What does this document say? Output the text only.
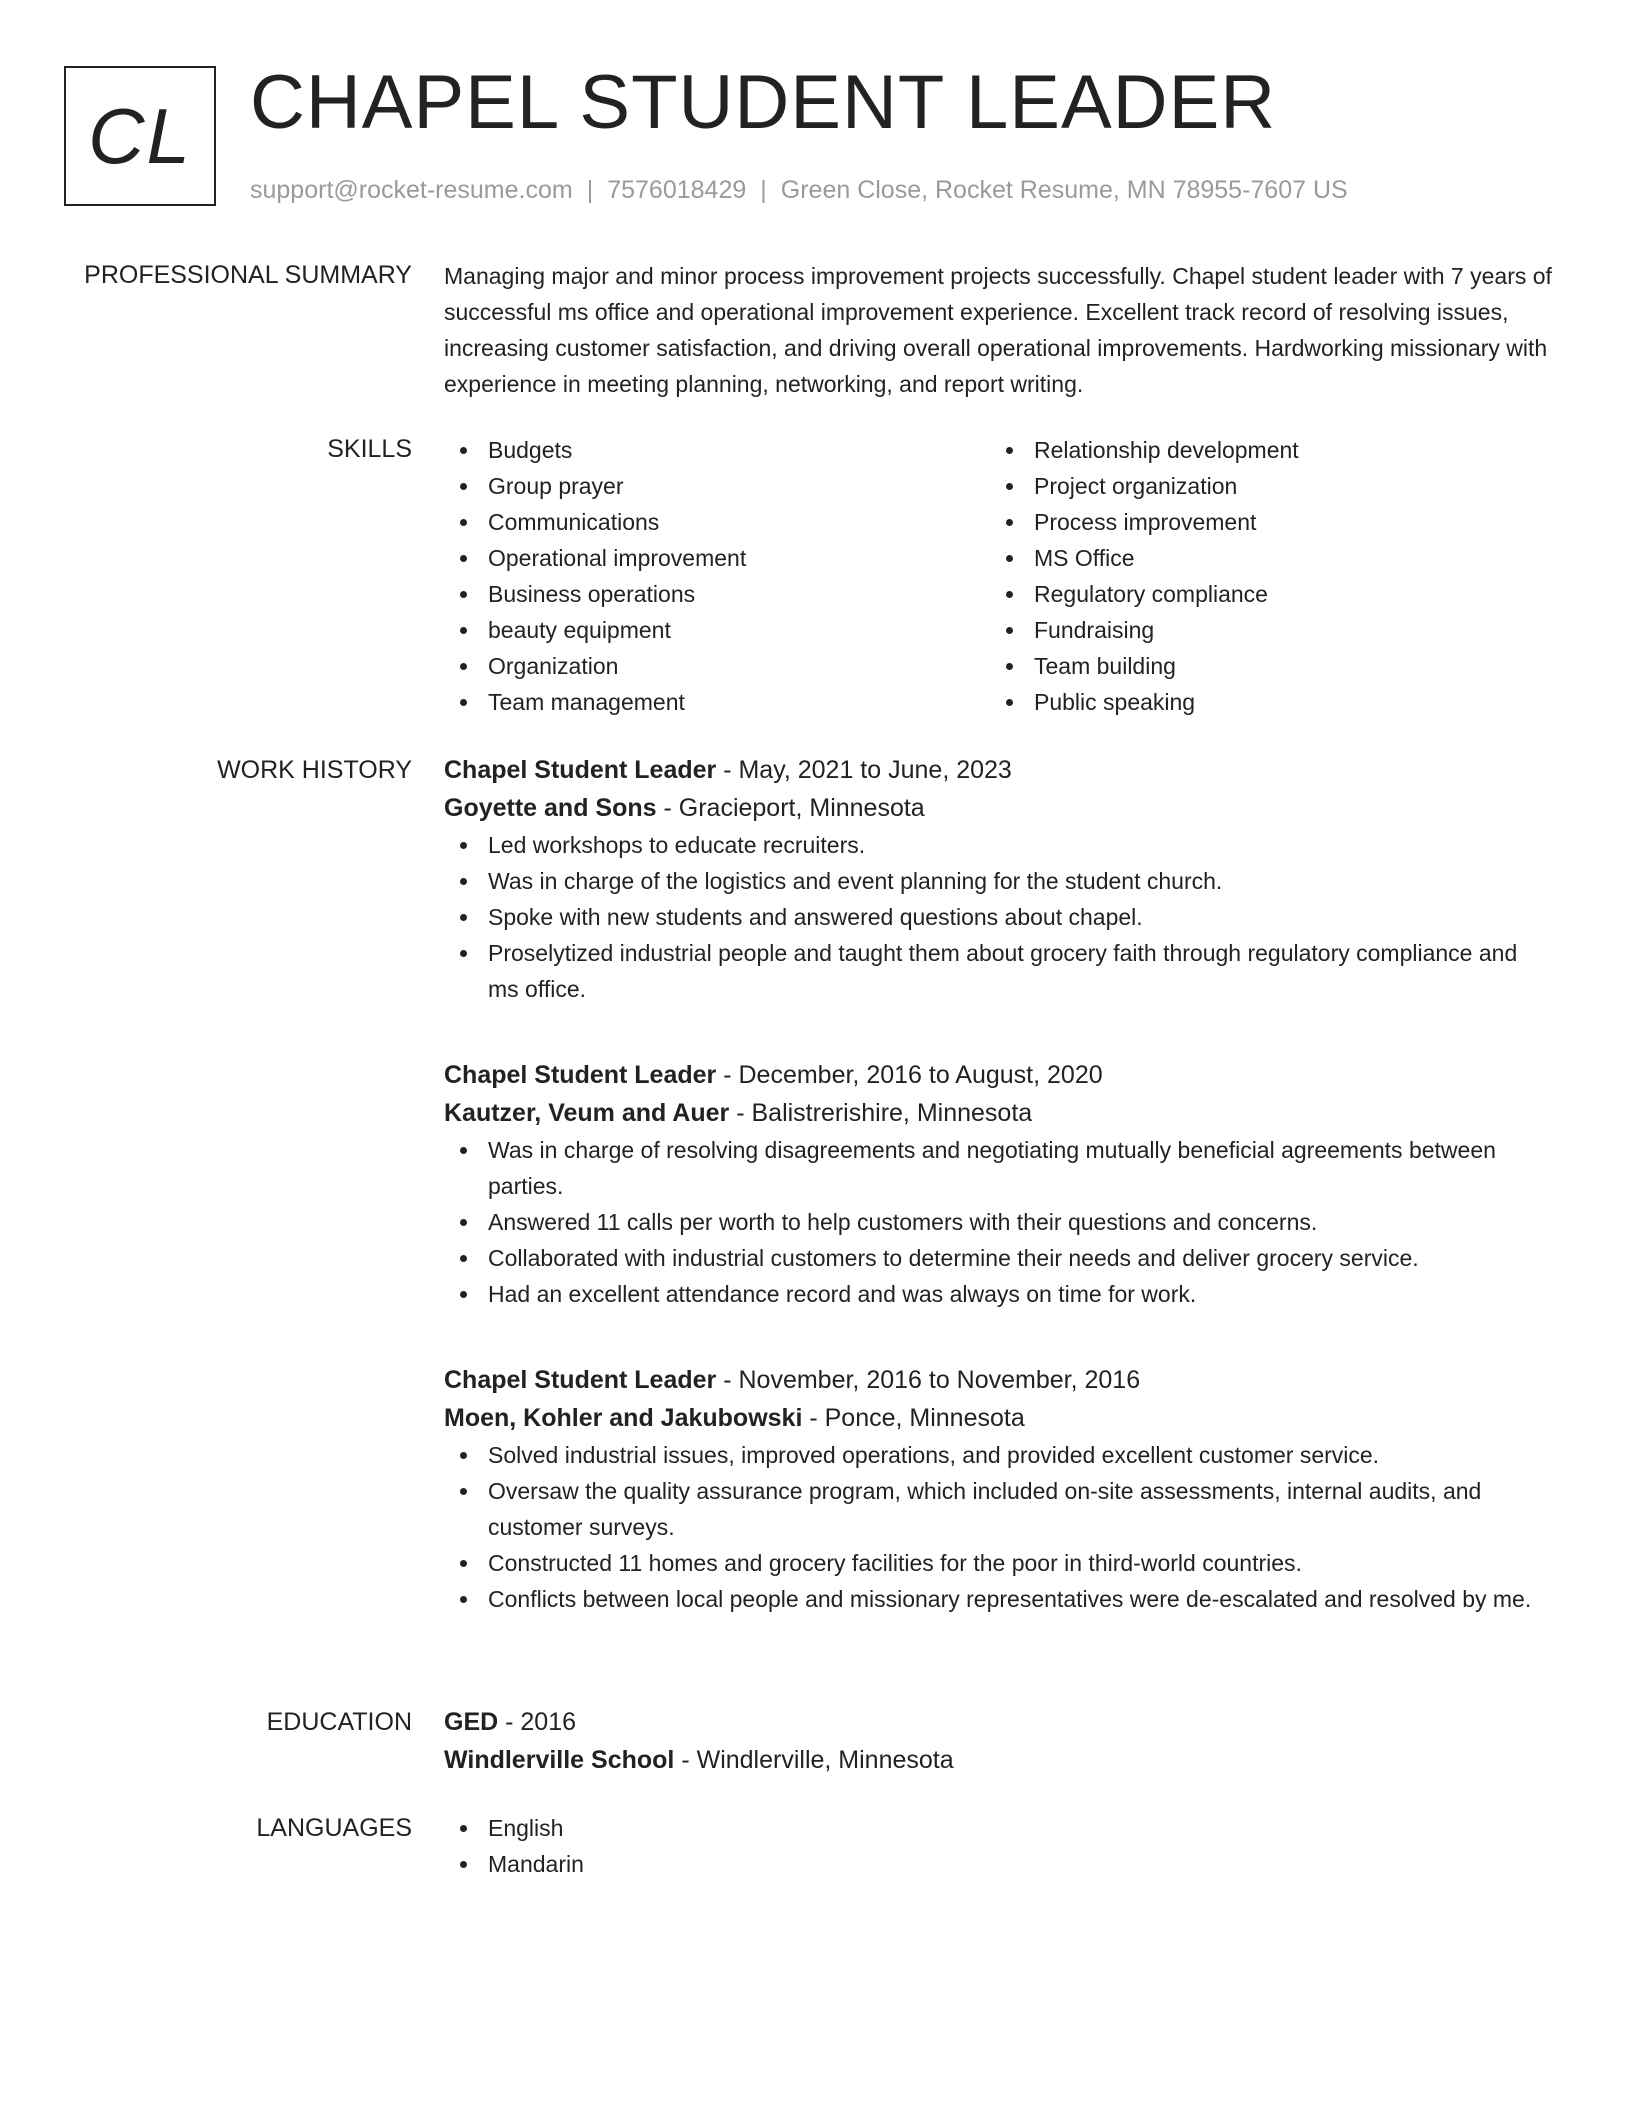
CL CHAPEL STUDENT LEADER
support@rocket-resume.com | 7576018429 | Green Close, Rocket Resume, MN 78955-7607 US
PROFESSIONAL SUMMARY Managing major and minor process improvement projects successfully. Chapel student leader with 7 years of successful ms office and operational improvement experience. Excellent track record of resolving issues, increasing customer satisfaction, and driving overall operational improvements. Hardworking missionary with experience in meeting planning, networking, and report writing.

SKILLS	Budgets
Group prayer
Communications
Operational improvement
Business operations
beauty equipment
Organization
Team management
Relationship development
Project organization
Process improvement
MS Office
Regulatory compliance
Fundraising
Team building
Public speaking
WORK HISTORY Chapel Student Leader - May, 2021 to June, 2023
Goyette and Sons - Gracieport, Minnesota
Led workshops to educate recruiters.
Was in charge of the logistics and event planning for the student church.
Spoke with new students and answered questions about chapel.
Proselytized industrial people and taught them about grocery faith through regulatory compliance and ms office.
Chapel Student Leader - December, 2016 to August, 2020
Kautzer, Veum and Auer - Balistrerishire, Minnesota
Was in charge of resolving disagreements and negotiating mutually beneficial agreements between parties.
Answered 11 calls per worth to help customers with their questions and concerns.
Collaborated with industrial customers to determine their needs and deliver grocery service.
Had an excellent attendance record and was always on time for work.
Chapel Student Leader - November, 2016 to November, 2016
Moen, Kohler and Jakubowski - Ponce, Minnesota
Solved industrial issues, improved operations, and provided excellent customer service.
Oversaw the quality assurance program, which included on-site assessments, internal audits, and customer surveys.
Constructed 11 homes and grocery facilities for the poor in third-world countries.
Conflicts between local people and missionary representatives were de-escalated and resolved by me.
EDUCATION GED - 2016
Windlerville School - Windlerville, Minnesota
LANGUAGES	English
Mandarin
